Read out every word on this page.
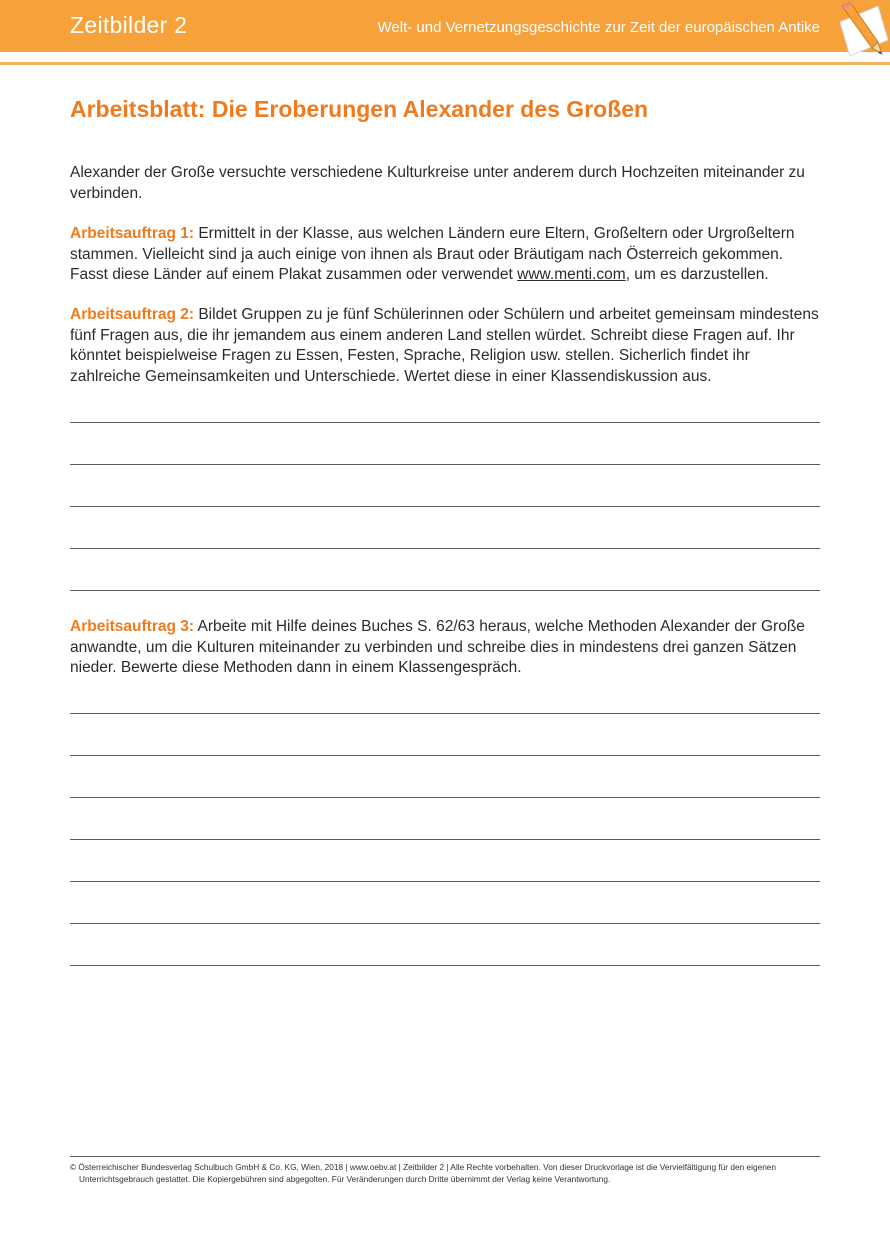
Zeitbilder 2	Welt- und Vernetzungsgeschichte zur Zeit der europäischen Antike
Arbeitsblatt: Die Eroberungen Alexander des Großen

Alexander der Große versuchte verschiedene Kulturkreise unter anderem durch Hochzeiten miteinander zu verbinden.

Arbeitsauftrag 1: Ermittelt in der Klasse, aus welchen Ländern eure Eltern, Großeltern oder Urgroßeltern stammen. Vielleicht sind ja auch einige von ihnen als Braut oder Bräutigam nach Österreich gekommen. Fasst diese Länder auf einem Plakat zusammen oder verwendet www.menti.com, um es darzustellen.

Arbeitsauftrag 2: Bildet Gruppen zu je fünf Schülerinnen oder Schülern und arbeitet gemeinsam mindestens fünf Fragen aus, die ihr jemandem aus einem anderen Land stellen würdet. Schreibt diese Fragen auf. Ihr könntet beispielweise Fragen zu Essen, Festen, Sprache, Religion usw. stellen. Sicherlich findet ihr zahlreiche Gemeinsamkeiten und Unterschiede. Wertet diese in einer Klassendiskussion aus.

Arbeitsauftrag 3: Arbeite mit Hilfe deines Buches S. 62/63 heraus, welche Methoden Alexander der Große anwandte, um die Kulturen miteinander zu verbinden und schreibe dies in mindestens drei ganzen Sätzen nieder. Bewerte diese Methoden dann in einem Klassengespräch.

© Österreichischer Bundesverlag Schulbuch GmbH & Co. KG, Wien, 2018 | www.oebv.at | Zeitbilder 2 | Alle Rechte vorbehalten. Von dieser Druckvorlage ist die Vervielfältigung für den eigenen
Unterrichtsgebrauch gestattet. Die Kopiergebühren sind abgegolten. Für Veränderungen durch Dritte übernimmt der Verlag keine Verantwortung.
